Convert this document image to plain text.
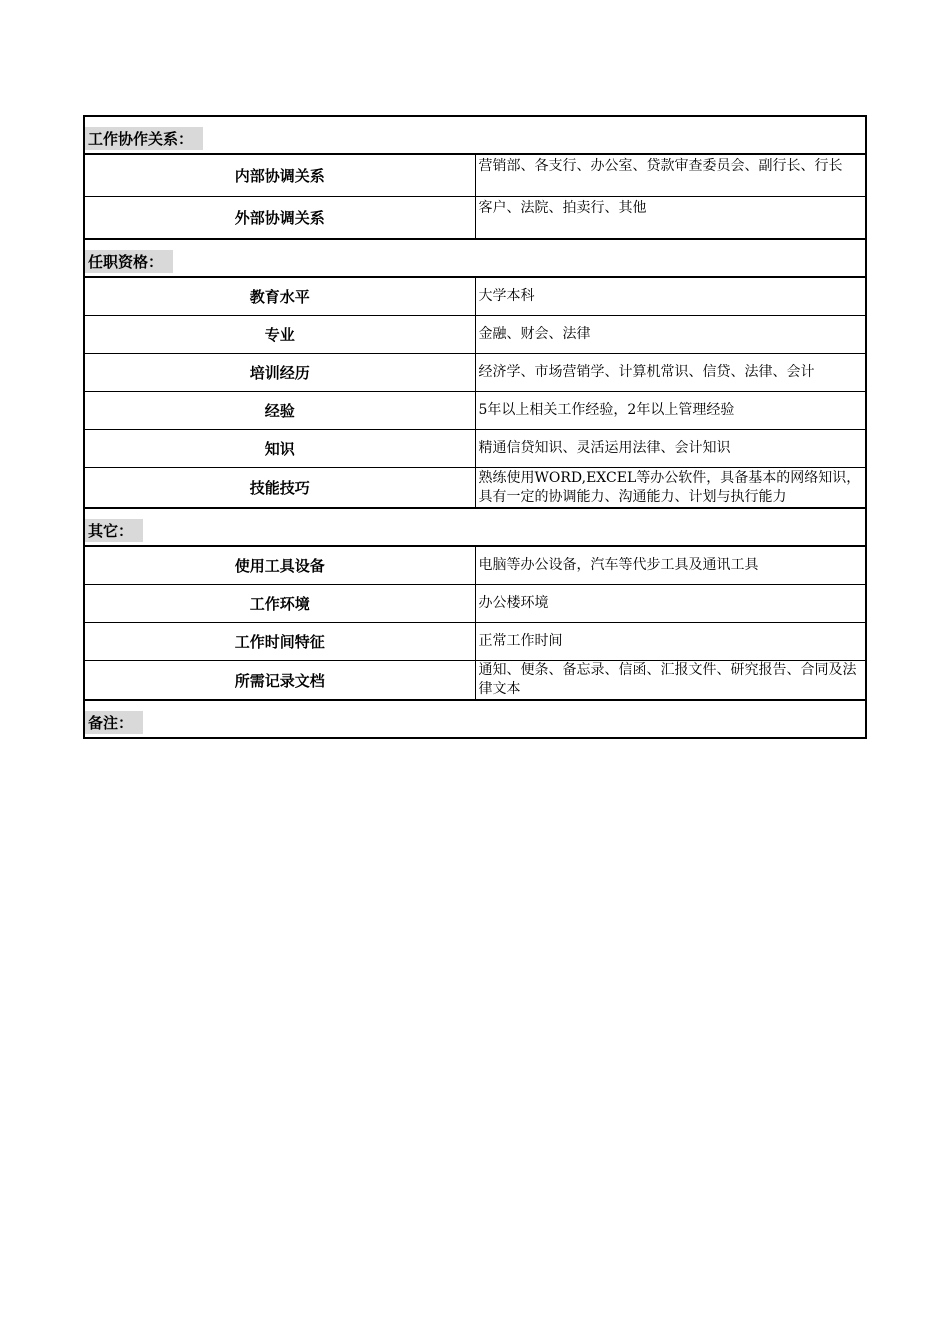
工作协作关系：	
内部协调关系	营销部、各支行、办公室、贷款审查委员会、副行长、行长
外部协调关系	客户、法院、拍卖行、其他
任职资格：	
教育水平	大学本科
专业	金融、财会、法律
培训经历	经济学、市场营销学、计算机常识、信贷、法律、会计
经验	5年以上相关工作经验，2年以上管理经验
知识	精通信贷知识、灵活运用法律、会计知识
技能技巧	熟练使用WORD,EXCEL等办公软件，具备基本的网络知识，具有一定的协调能力、沟通能力、计划与执行能力
其它：	
使用工具设备	电脑等办公设备，汽车等代步工具及通讯工具
工作环境	办公楼环境
工作时间特征	正常工作时间
所需记录文档	通知、便条、备忘录、信函、汇报文件、研究报告、合同及法律文本
备注：	
